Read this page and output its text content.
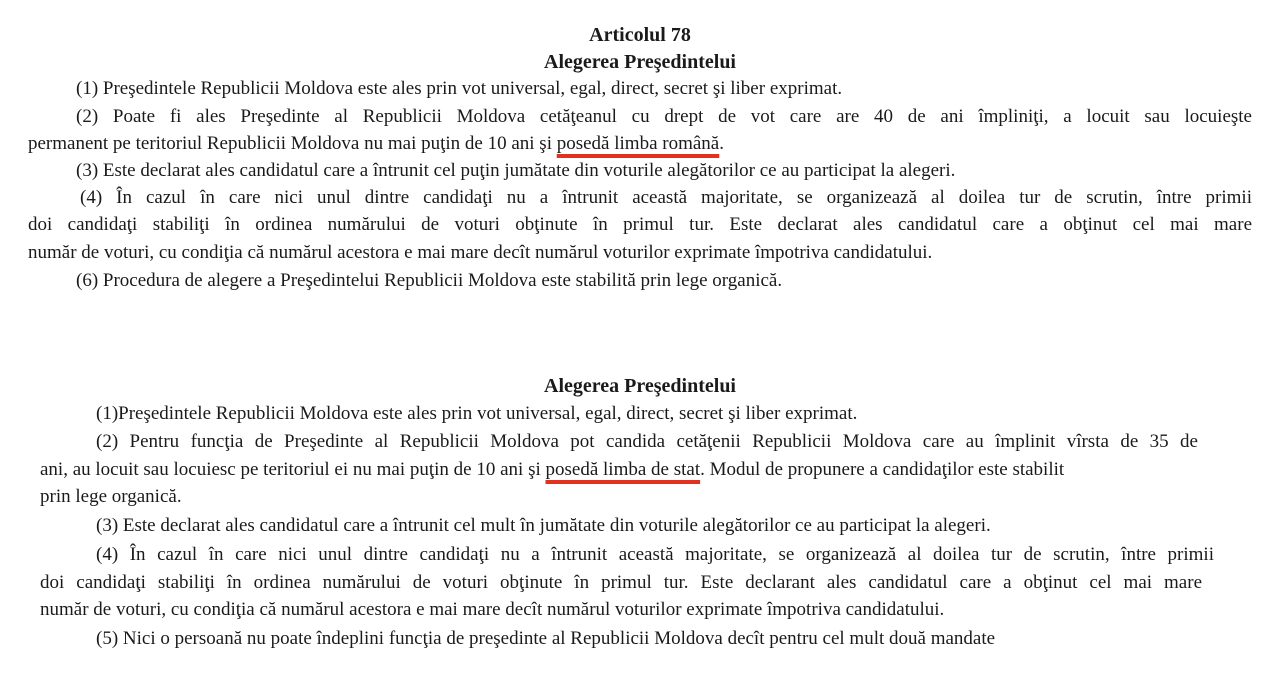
Articolul 78
Alegerea Preşedintelui
(1) Preşedintele Republicii Moldova este ales prin vot universal, egal, direct, secret şi liber exprimat.
(2) Poate fi ales Preşedinte al Republicii Moldova cetăţeanul cu drept de vot care are 40 de ani împliniţi, a locuit sau locuieşte
permanent pe teritoriul Republicii Moldova nu mai puţin de 10 ani şi posedă limba română.
(3) Este declarat ales candidatul care a întrunit cel puţin jumătate din voturile alegătorilor ce au participat la alegeri.
(4) În cazul în care nici unul dintre candidaţi nu a întrunit această majoritate, se organizează al doilea tur de scrutin, între primii
doi candidaţi stabiliţi în ordinea numărului de voturi obţinute în primul tur. Este declarat ales candidatul care a obţinut cel mai mare
număr de voturi, cu condiţia că numărul acestora e mai mare decît numărul voturilor exprimate împotriva candidatului.
(6) Procedura de alegere a Preşedintelui Republicii Moldova este stabilită prin lege organică.
Alegerea Preşedintelui
(1)Preşedintele Republicii Moldova este ales prin vot universal, egal, direct, secret şi liber exprimat.
(2) Pentru funcţia de Preşedinte al Republicii Moldova pot candida cetăţenii Republicii Moldova care au împlinit vîrsta de 35 de
ani, au locuit sau locuiesc pe teritoriul ei nu mai puţin de 10 ani şi posedă limba de stat. Modul de propunere a candidaţilor este stabilit
prin lege organică.
(3) Este declarat ales candidatul care a întrunit cel mult în jumătate din voturile alegătorilor ce au participat la alegeri.
(4) În cazul în care nici unul dintre candidaţi nu a întrunit această majoritate, se organizează al doilea tur de scrutin, între primii
doi candidaţi stabiliţi în ordinea numărului de voturi obţinute în primul tur. Este declarant ales candidatul care a obţinut cel mai mare
număr de voturi, cu condiţia că numărul acestora e mai mare decît numărul voturilor exprimate împotriva candidatului.
(5) Nici o persoană nu poate îndeplini funcţia de preşedinte al Republicii Moldova decît pentru cel mult două mandate
